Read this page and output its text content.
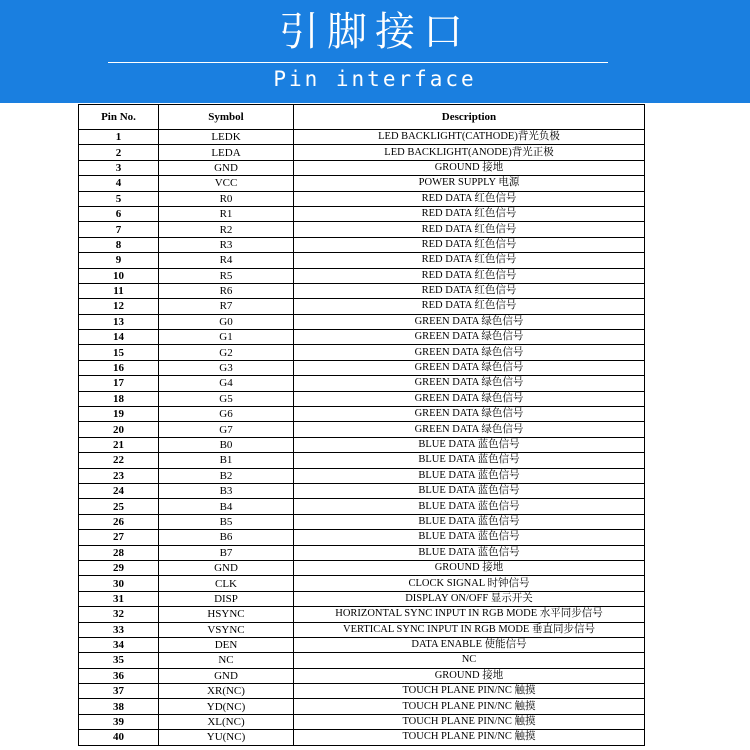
引脚接口
Pin interface
Pin No.	Symbol	Description
1	LEDK	LED BACKLIGHT(CATHODE)背光负极
2	LEDA	LED BACKLIGHT(ANODE)背光正极
3	GND	GROUND 接地
4	VCC	POWER SUPPLY 电源
5	R0	RED DATA 红色信号
6	R1	RED DATA 红色信号
7	R2	RED DATA 红色信号
8	R3	RED DATA 红色信号
9	R4	RED DATA 红色信号
10	R5	RED DATA 红色信号
11	R6	RED DATA 红色信号
12	R7	RED DATA 红色信号
13	G0	GREEN DATA 绿色信号
14	G1	GREEN DATA 绿色信号
15	G2	GREEN DATA 绿色信号
16	G3	GREEN DATA 绿色信号
17	G4	GREEN DATA 绿色信号
18	G5	GREEN DATA 绿色信号
19	G6	GREEN DATA 绿色信号
20	G7	GREEN DATA 绿色信号
21	B0	BLUE DATA 蓝色信号
22	B1	BLUE DATA 蓝色信号
23	B2	BLUE DATA 蓝色信号
24	B3	BLUE DATA 蓝色信号
25	B4	BLUE DATA 蓝色信号
26	B5	BLUE DATA 蓝色信号
27	B6	BLUE DATA 蓝色信号
28	B7	BLUE DATA 蓝色信号
29	GND	GROUND 接地
30	CLK	CLOCK SIGNAL 时钟信号
31	DISP	DISPLAY ON/OFF 显示开关
32	HSYNC	HORIZONTAL SYNC INPUT IN RGB MODE 水平同步信号
33	VSYNC	VERTICAL SYNC INPUT IN RGB MODE 垂直同步信号
34	DEN	DATA ENABLE 使能信号
35	NC	NC
36	GND	GROUND 接地
37	XR(NC)	TOUCH PLANE PIN/NC 触摸
38	YD(NC)	TOUCH PLANE PIN/NC 触摸
39	XL(NC)	TOUCH PLANE PIN/NC 触摸
40	YU(NC)	TOUCH PLANE PIN/NC 触摸
